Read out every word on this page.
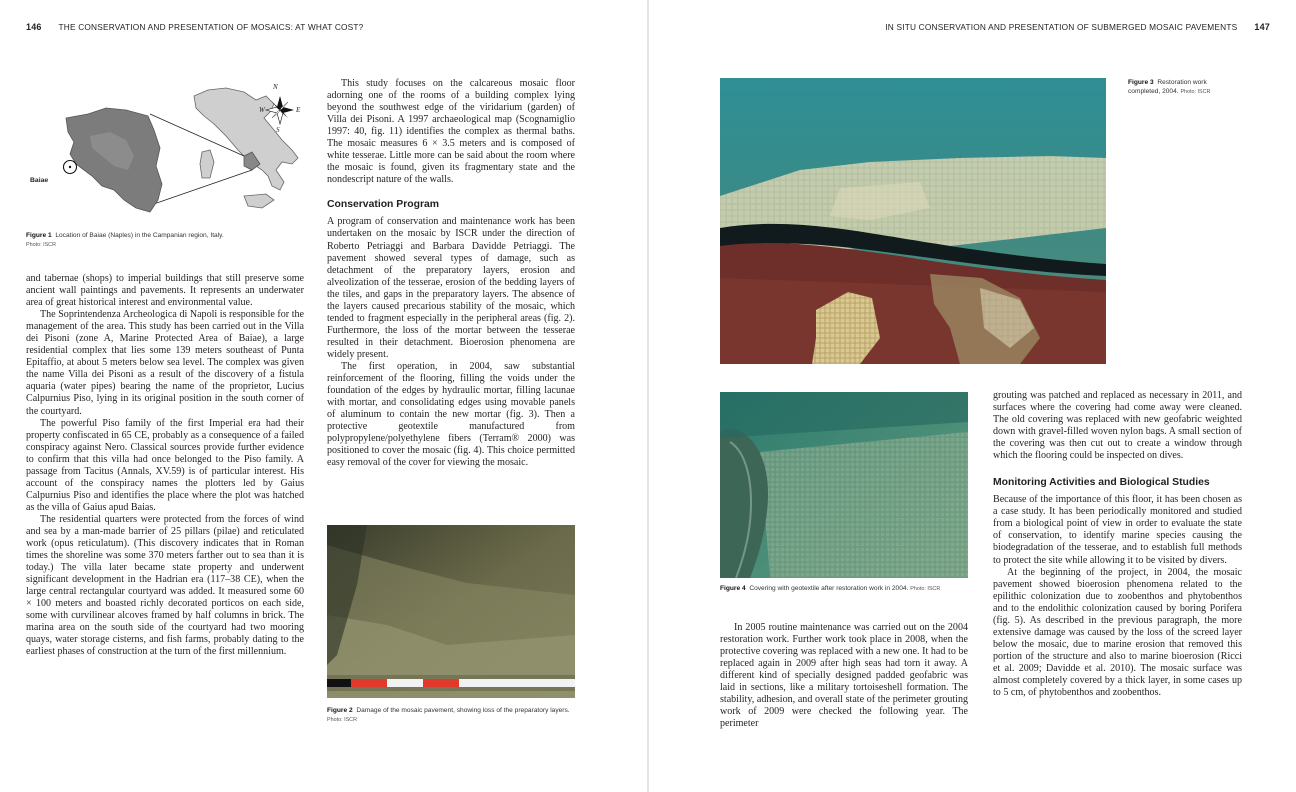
146 THE CONSERVATION AND PRESENTATION OF MOSAICS: AT WHAT COST?
N
W	E
S
Baiae
Figure 1 Location of Baiae (Naples) in the Campanian region, Italy.
Photo: ISCR

and tabernae (shops) to imperial buildings that still preserve some ancient wall paintings and pavements. It represents an underwater area of great historical interest and environmental value.

The Soprintendenza Archeologica di Napoli is responsible for the management of the area. This study has been carried out in the Villa dei Pisoni (zone A, Marine Protected Area of Baiae), a large residential complex that lies some 139 meters southeast of Punta Epitaffio, at about 5 meters below sea level. The complex was given the name Villa dei Pisoni as a result of the discovery of a fistula aquaria (water pipes) bearing the name of the proprietor, Lucius Calpurnius Piso, lying in its original position in the south corner of the courtyard.

The powerful Piso family of the first Imperial era had their property confiscated in 65 CE, probably as a consequence of a failed conspiracy against Nero. Classical sources provide further evidence to confirm that this villa had once belonged to the Piso family. A passage from Tacitus (Annals, XV.59) is of particular interest. His account of the conspiracy names the plotters led by Gaius Calpurnius Piso and identifies the place where the plot was hatched as the villa of Gaius apud Baias.

The residential quarters were protected from the forces of wind and sea by a man-made barrier of 25 pillars (pilae) and reticulated work (opus reticulatum). (This discovery indicates that in Roman times the shoreline was some 370 meters farther out to sea than it is today.) The villa later became state property and underwent significant development in the Hadrian era (117–38 CE), when the large central rectangular courtyard was added. It measured some 60 × 100 meters and boasted richly decorated porticos on each side, some with curvilinear alcoves framed by half columns in brick. The marina area on the south side of the courtyard had two mooring quays, water storage cisterns, and fish farms, probably dating to the earliest phases of construction at the turn of the first millennium.

This study focuses on the calcareous mosaic floor adorning one of the rooms of a building complex lying beyond the southwest edge of the viridarium (garden) of Villa dei Pisoni. A 1997 archaeological map (Scognamiglio 1997: 40, fig. 11) identifies the complex as thermal baths. The mosaic measures 6 × 3.5 meters and is composed of white tesserae. Little more can be said about the room where the mosaic is found, given its fragmentary state and the nondescript nature of the walls.

Conservation Program

A program of conservation and maintenance work has been undertaken on the mosaic by ISCR under the direction of Roberto Petriaggi and Barbara Davidde Petriaggi. The pavement showed several types of damage, such as detachment of the preparatory layers, erosion and alveolization of the tesserae, erosion of the bedding layers of the tiles, and gaps in the preparatory layers. The absence of the layers caused precarious stability of the mosaic, which tended to fragment especially in the peripheral areas (fig. 2). Furthermore, the loss of the mortar between the tesserae resulted in their detachment. Bioerosion phenomena are widely present.

The first operation, in 2004, saw substantial reinforcement of the flooring, filling the voids under the foundation of the edges by hydraulic mortar, filling lacunae with mortar, and consolidating edges using movable panels of aluminum to contain the new mortar (fig. 3). Then a protective geotextile manufactured from polypropylene/polyethylene fibers (Terram® 2000) was positioned to cover the mosaic (fig. 4). This choice permitted easy removal of the cover for viewing the mosaic.

Figure 2 Damage of the mosaic pavement, showing loss of the preparatory layers. Photo: ISCR
IN SITU CONSERVATION AND PRESENTATION OF SUBMERGED MOSAIC PAVEMENTS 147
Figure 3 Restoration work completed, 2004. Photo: ISCR
Figure 4 Covering with geotextile after restoration work in 2004. Photo: ISCR

In 2005 routine maintenance was carried out on the 2004 restoration work. Further work took place in 2008, when the protective covering was replaced with a new one. It had to be replaced again in 2009 after high seas had torn it away. A different kind of specially designed padded geofabric was laid in sections, like a military tortoiseshell formation. The stability, adhesion, and overall state of the perimeter grouting work of 2009 were checked the following year. The perimeter

grouting was patched and replaced as necessary in 2011, and surfaces where the covering had come away were cleaned. The old covering was replaced with new geofabric weighted down with gravel-filled woven nylon bags. A small section of the covering was then cut out to create a window through which the flooring could be inspected on dives.

Monitoring Activities and Biological Studies

Because of the importance of this floor, it has been chosen as a case study. It has been periodically monitored and studied from a biological point of view in order to evaluate the state of conservation, to identify marine species causing the biodegradation of the tesserae, and to establish full methods to protect the site while allowing it to be visited by divers.

At the beginning of the project, in 2004, the mosaic pavement showed bioerosion phenomena related to the epilithic colonization due to zoobenthos and phytobenthos and to the endolithic colonization caused by boring Porifera (fig. 5). As described in the previous paragraph, the more extensive damage was caused by the loss of the screed layer below the mosaic, due to marine erosion that removed this portion of the structure and also to marine bioerosion (Ricci et al. 2009; Davidde et al. 2010). The mosaic surface was almost completely covered by a thick layer, in some cases up to 5 cm, of phytobenthos and zoobenthos.
